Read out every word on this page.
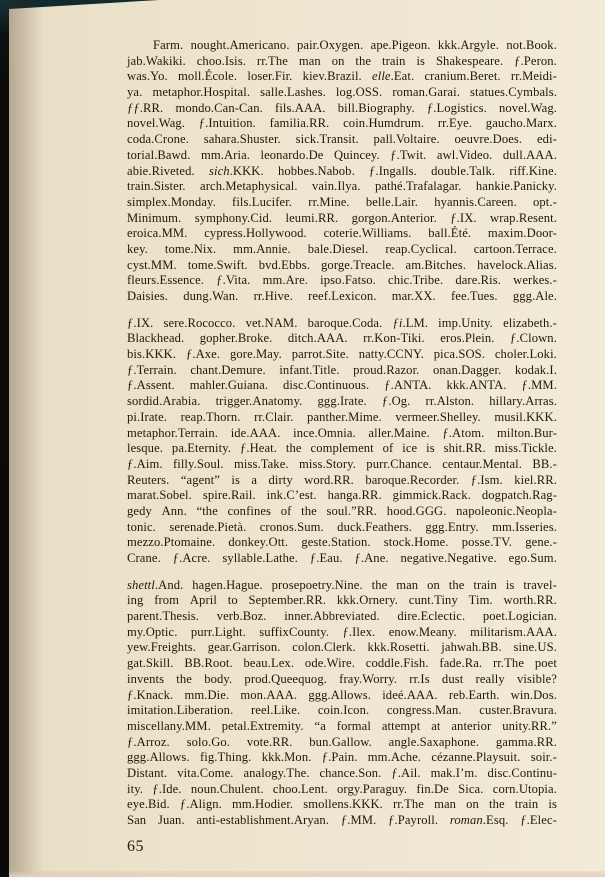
Farm. nought.Americano. pair.Oxygen. ape.Pigeon. kkk.Argyle. not.Book.
jab.Wakiki. choo.Isis. rr.The man on the train is Shakespeare. ƒ.Peron.
was.Yo. moll.École. loser.Fir. kiev.Brazil. elle.Eat. cranium.Beret. rr.Meidi-
ya. metaphor.Hospital. salle.Lashes. log.OSS. roman.Garai. statues.Cymbals.
ƒƒ.RR. mondo.Can-Can. fils.AAA. bill.Biography. ƒ.Logistics. novel.Wag.
novel.Wag. ƒ.Intuition. familia.RR. coin.Humdrum. rr.Eye. gaucho.Marx.
coda.Crone. sahara.Shuster. sick.Transit. pall.Voltaire. oeuvre.Does. edi-
torial.Bawd. mm.Aria. leonardo.De Quincey. ƒ.Twit. awl.Video. dull.AAA.
abie.Riveted. sich.KKK. hobbes.Nabob. ƒ.Ingalls. double.Talk. riff.Kine.
train.Sister. arch.Metaphysical. vain.Ilya. pathé.Trafalagar. hankie.Panicky.
simplex.Monday. fils.Lucifer. rr.Mine. belle.Lair. hyannis.Careen. opt.-
Minimum. symphony.Cid. leumi.RR. gorgon.Anterior. ƒ.IX. wrap.Resent.
eroica.MM. cypress.Hollywood. coterie.Williams. ball.Été. maxim.Door-
key. tome.Nix. mm.Annie. bale.Diesel. reap.Cyclical. cartoon.Terrace.
cyst.MM. tome.Swift. bvd.Ebbs. gorge.Treacle. am.Bitches. havelock.Alias.
fleurs.Essence. ƒ.Vita. mm.Are. ipso.Fatso. chic.Tribe. dare.Ris. werkes.-
Daisies. dung.Wan. rr.Hive. reef.Lexicon. mar.XX. fee.Tues. ggg.Ale.
ƒ.IX. sere.Rococco. vet.NAM. baroque.Coda. ƒi.LM. imp.Unity. elizabeth.-
Blackhead. gopher.Broke. ditch.AAA. rr.Kon-Tiki. eros.Plein. ƒ.Clown.
bis.KKK. ƒ.Axe. gore.May. parrot.Site. natty.CCNY. pica.SOS. choler.Loki.
ƒ.Terrain. chant.Demure. infant.Title. proud.Razor. onan.Dagger. kodak.I.
ƒ.Assent. mahler.Guiana. disc.Continuous. ƒ.ANTA. kkk.ANTA. ƒ.MM.
sordid.Arabia. trigger.Anatomy. ggg.Irate. ƒ.Og. rr.Alston. hillary.Arras.
pi.Irate. reap.Thorn. rr.Clair. panther.Mime. vermeer.Shelley. musil.KKK.
metaphor.Terrain. ide.AAA. ince.Omnia. aller.Maine. ƒ.Atom. milton.Bur-
lesque. pa.Eternity. ƒ.Heat. the complement of ice is shit.RR. miss.Tickle.
ƒ.Aim. filly.Soul. miss.Take. miss.Story. purr.Chance. centaur.Mental. BB.-
Reuters. “agent” is a dirty word.RR. baroque.Recorder. ƒ.Ism. kiel.RR.
marat.Sobel. spire.Rail. ink.C’est. hanga.RR. gimmick.Rack. dogpatch.Rag-
gedy Ann. “the confines of the soul.”RR. hood.GGG. napoleonic.Neopla-
tonic. serenade.Pietà. cronos.Sum. duck.Feathers. ggg.Entry. mm.Isseries.
mezzo.Ptomaine. donkey.Ott. geste.Station. stock.Home. posse.TV. gene.-
Crane. ƒ.Acre. syllable.Lathe. ƒ.Eau. ƒ.Ane. negative.Negative. ego.Sum.
shettl.And. hagen.Hague. prosepoetry.Nine. the man on the train is travel-
ing from April to September.RR. kkk.Ornery. cunt.Tiny Tim. worth.RR.
parent.Thesis. verb.Boz. inner.Abbreviated. dire.Eclectic. poet.Logician.
my.Optic. purr.Light. suffixCounty. ƒ.Ilex. enow.Meany. militarism.AAA.
yew.Freights. gear.Garrison. colon.Clerk. kkk.Rosetti. jahwah.BB. sine.US.
gat.Skill. BB.Root. beau.Lex. ode.Wire. coddle.Fish. fade.Ra. rr.The poet
invents the body. prod.Queequog. fray.Worry. rr.Is dust really visible?
ƒ.Knack. mm.Die. mon.AAA. ggg.Allows. ideé.AAA. reb.Earth. win.Dos.
imitation.Liberation. reel.Like. coin.Icon. congress.Man. custer.Bravura.
miscellany.MM. petal.Extremity. “a formal attempt at anterior unity.RR.”
ƒ.Arroz. solo.Go. vote.RR. bun.Gallow. angle.Saxaphone. gamma.RR.
ggg.Allows. fig.Thing. kkk.Mon. ƒ.Pain. mm.Ache. cézanne.Playsuit. soir.-
Distant. vita.Come. analogy.The. chance.Son. ƒ.Ail. mak.I’m. disc.Continu-
ity. ƒ.Ide. noun.Chulent. choo.Lent. orgy.Paraguy. fin.De Sica. corn.Utopia.
eye.Bid. ƒ.Align. mm.Hodier. smollens.KKK. rr.The man on the train is
San Juan. anti-establishment.Aryan. ƒ.MM. ƒ.Payroll. roman.Esq. ƒ.Elec-
65
